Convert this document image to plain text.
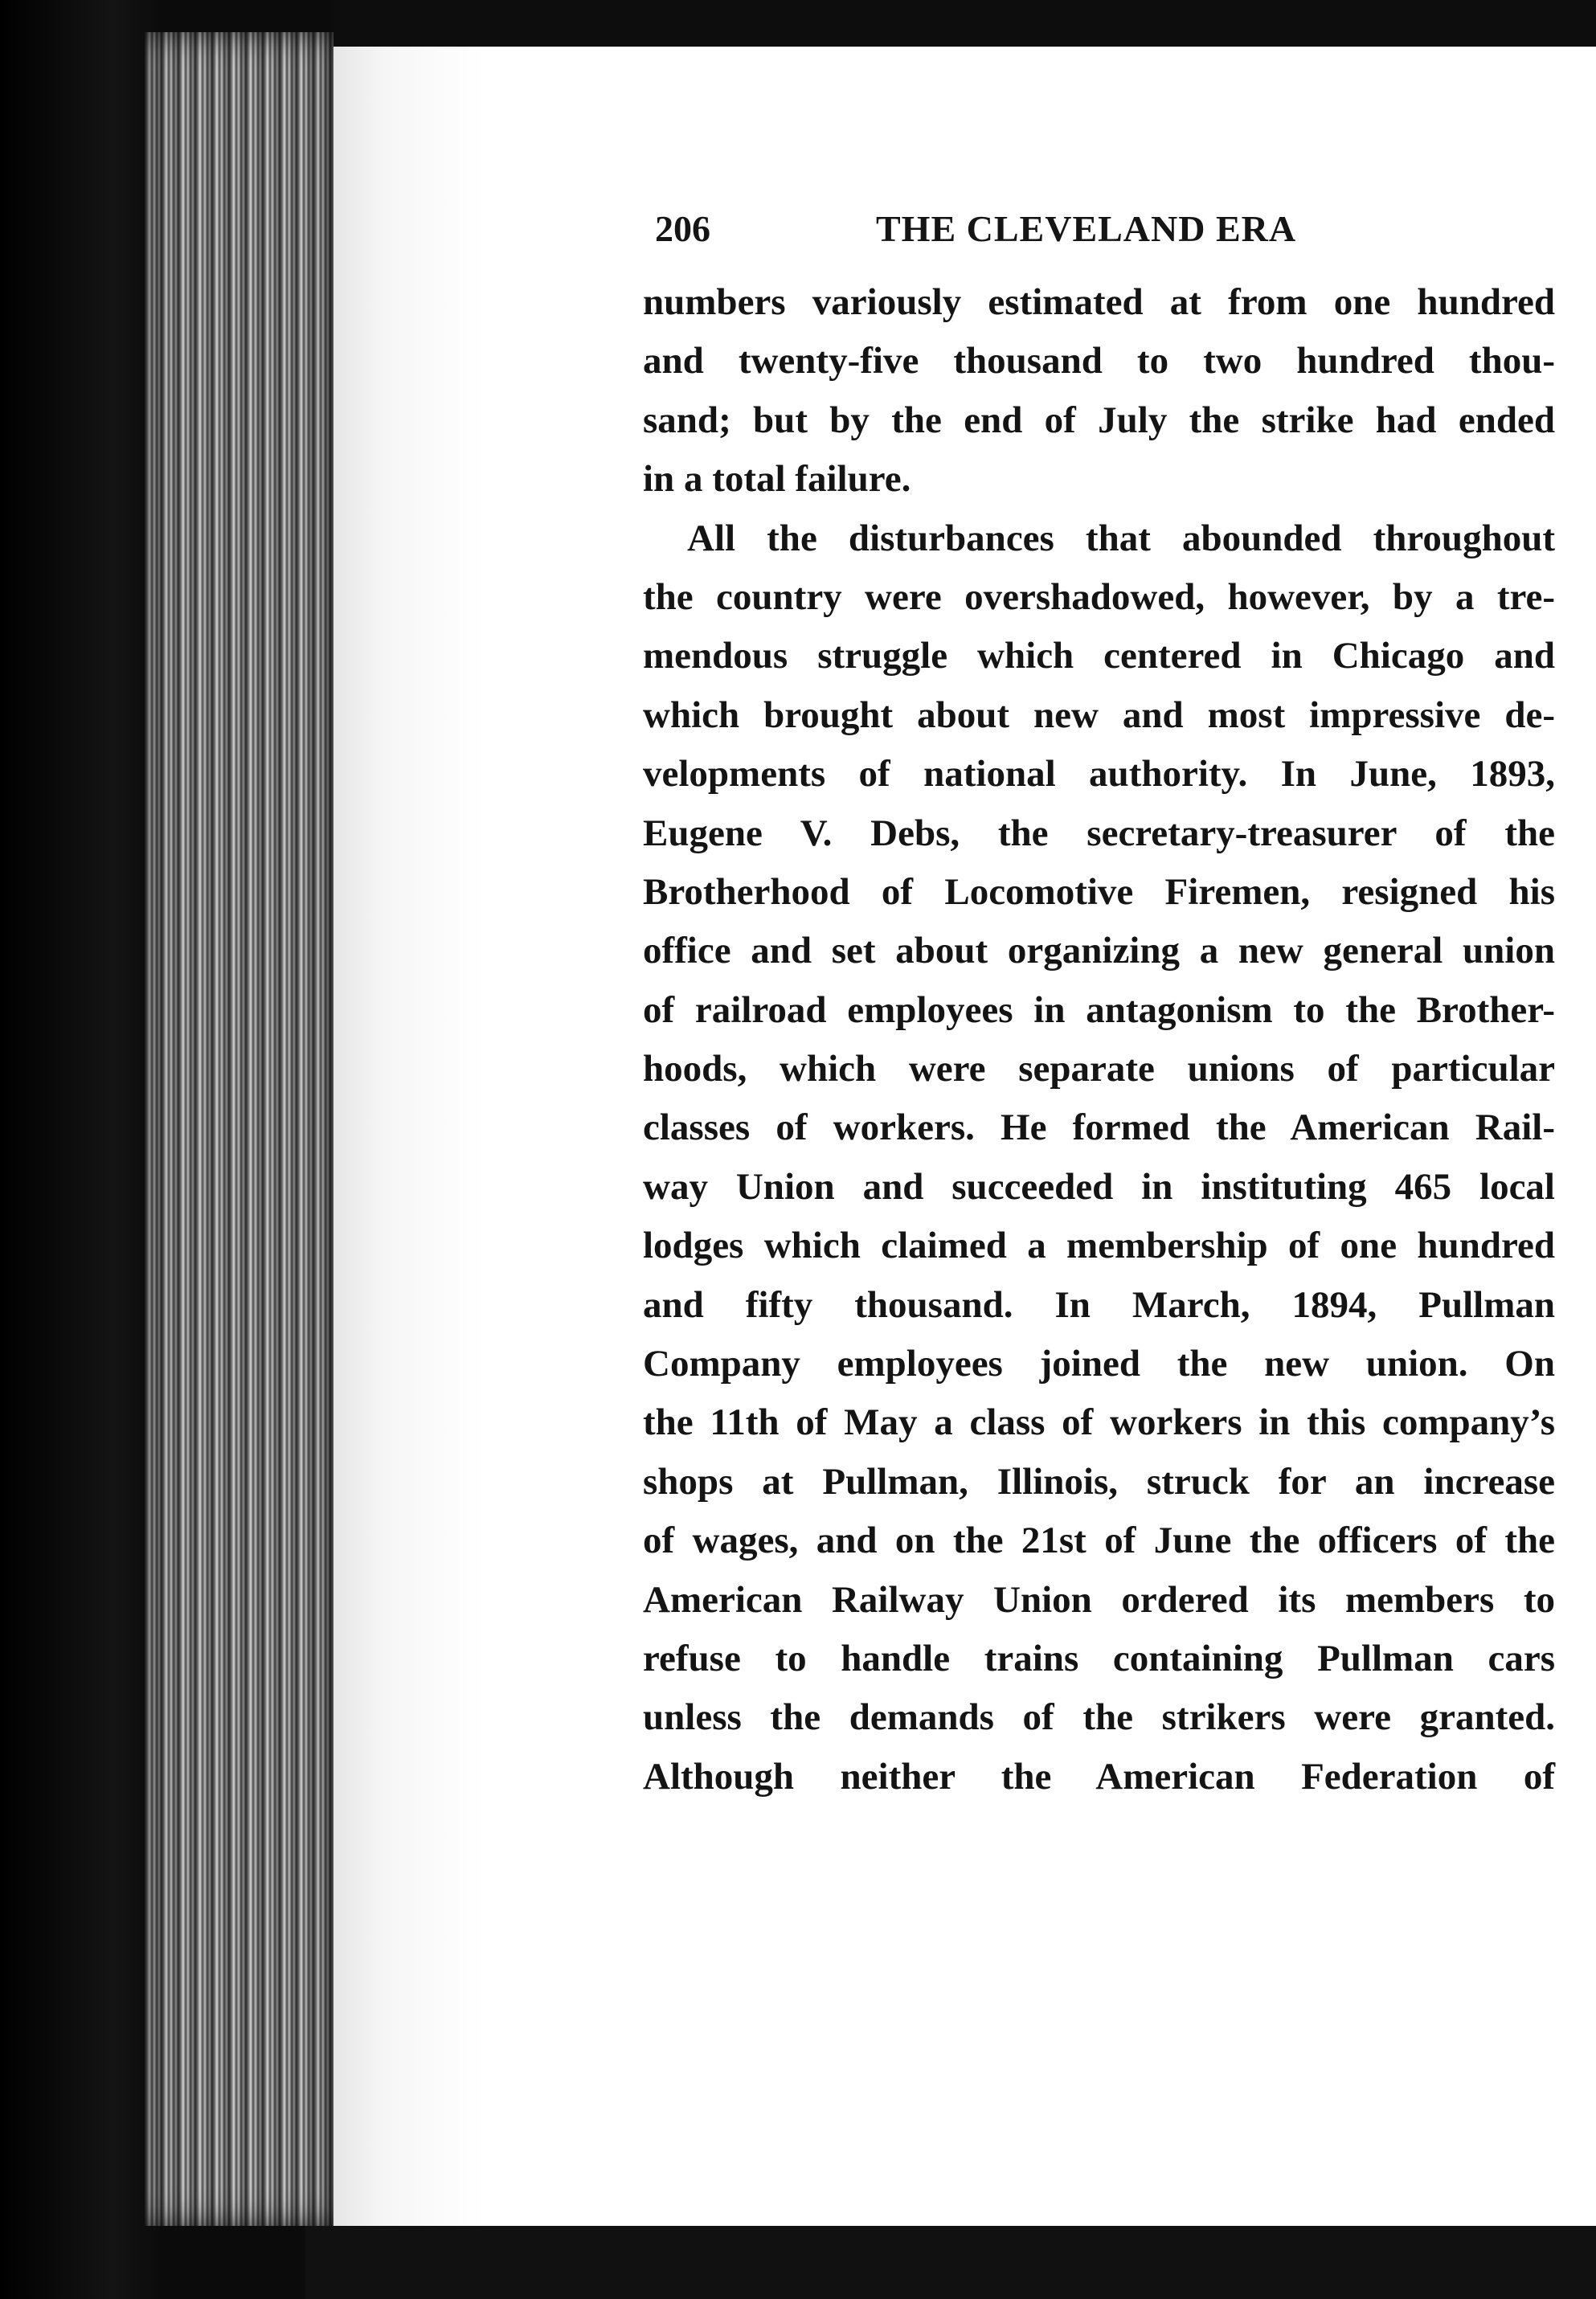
206	THE CLEVELAND ERA
numbers variously estimated at from one hundred
and twenty-five thousand to two hundred thou-
sand; but by the end of July the strike had ended
in a total failure.
All the disturbances that abounded throughout
the country were overshadowed, however, by a tre-
mendous struggle which centered in Chicago and
which brought about new and most impressive de-
velopments of national authority. In June, 1893,
Eugene V. Debs, the secretary-treasurer of the
Brotherhood of Locomotive Firemen, resigned his
office and set about organizing a new general union
of railroad employees in antagonism to the Brother-
hoods, which were separate unions of particular
classes of workers. He formed the American Rail-
way Union and succeeded in instituting 465 local
lodges which claimed a membership of one hundred
and fifty thousand. In March, 1894, Pullman
Company employees joined the new union. On
the 11th of May a class of workers in this company’s
shops at Pullman, Illinois, struck for an increase
of wages, and on the 21st of June the officers of the
American Railway Union ordered its members to
refuse to handle trains containing Pullman cars
unless the demands of the strikers were granted.
Although neither the American Federation of
